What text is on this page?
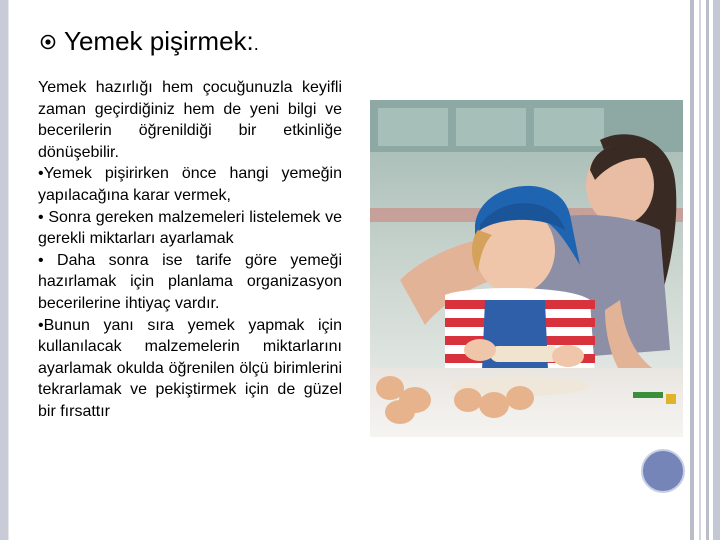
Yemek pişirmek:.

Yemek hazırlığı hem çocuğunuzla keyifli zaman geçirdiğiniz hem de yeni bilgi ve becerilerin öğrenildiği bir etkinliğe dönüşebilir.

•Yemek pişirirken önce hangi yemeğin yapılacağına karar vermek,

• Sonra gereken malzemeleri listelemek ve gerekli miktarları ayarlamak

• Daha sonra ise tarife göre yemeği hazırlamak için planlama organizasyon becerilerine ihtiyaç vardır.

•Bunun yanı sıra yemek yapmak için kullanılacak malzemelerin miktarlarını ayarlamak okulda öğrenilen ölçü birimlerini tekrarlamak ve pekiştirmek için de güzel bir fırsattır
